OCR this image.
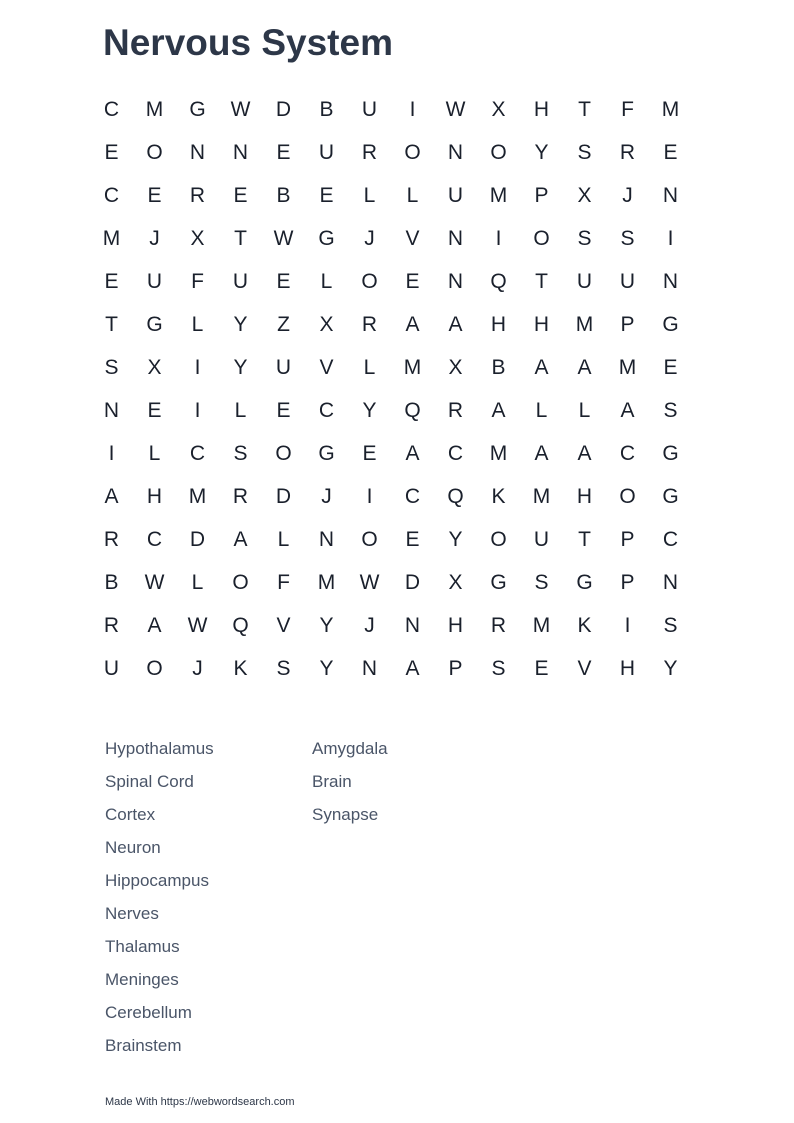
Nervous System
C	M	G	W	D	B	U	I	W	X	H	T	F	M
E	O	N	N	E	U	R	O	N	O	Y	S	R	E
C	E	R	E	B	E	L	L	U	M	P	X	J	N
M	J	X	T	W	G	J	V	N	I	O	S	S	I
E	U	F	U	E	L	O	E	N	Q	T	U	U	N
T	G	L	Y	Z	X	R	A	A	H	H	M	P	G
S	X	I	Y	U	V	L	M	X	B	A	A	M	E
N	E	I	L	E	C	Y	Q	R	A	L	L	A	S
I	L	C	S	O	G	E	A	C	M	A	A	C	G
A	H	M	R	D	J	I	C	Q	K	M	H	O	G
R	C	D	A	L	N	O	E	Y	O	U	T	P	C
B	W	L	O	F	M	W	D	X	G	S	G	P	N
R	A	W	Q	V	Y	J	N	H	R	M	K	I	S
U	O	J	K	S	Y	N	A	P	S	E	V	H	Y
Hypothalamus
Spinal Cord
Cortex
Neuron
Hippocampus
Nerves
Thalamus
Meninges
Cerebellum
Brainstem
Amygdala
Brain
Synapse
Made With https://webwordsearch.com
